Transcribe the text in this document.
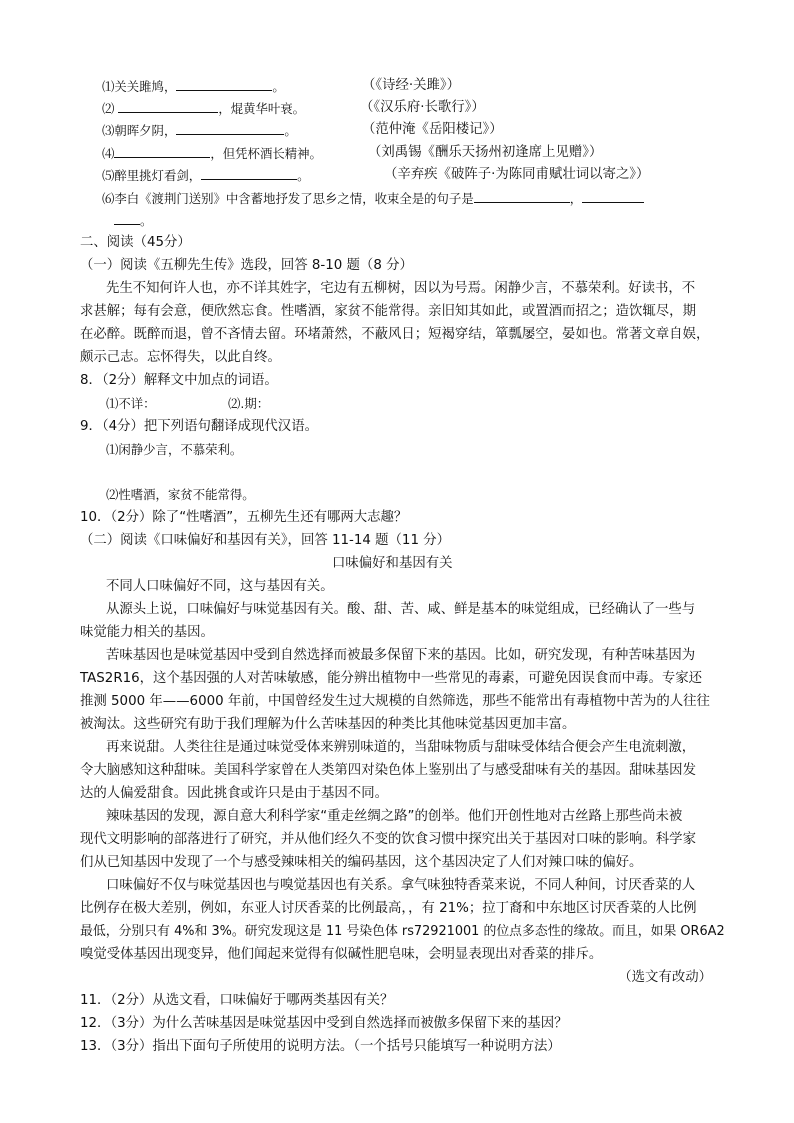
⑴关关雎鸠，	。	（《诗经·关雎》）
⑵	，焜黄华叶衰。	（《汉乐府·长歌行》）
⑶朝晖夕阴，	。	（范仲淹《岳阳楼记》）
⑷	，但凭杯酒长精神。	（刘禹锡《酬乐天扬州初逢席上见赠》）
⑸醉里挑灯看剑，	。	（辛弃疾《破阵子·为陈同甫赋壮词以寄之》）
⑹李白《渡荆门送别》中含蓄地抒发了思乡之情，收束全是的句子是	，
。
二、阅读（45分）
（一）阅读《五柳先生传》选段，回答 8-10 题（8 分）
先生不知何许人也，亦不详其姓字，宅边有五柳树，因以为号焉。闲静少言，不慕荣利。好读书，不
求甚解；每有会意，便欣然忘食。性嗜酒，家贫不能常得。亲旧知其如此，或置酒而招之；造饮辄尽，期
在必醉。既醉而退，曾不吝情去留。环堵萧然，不蔽风日；短褐穿结，箪瓢屡空，晏如也。常著文章自娱，
颇示己志。忘怀得失，以此自终。
8．（2分）解释文中加点的词语。
⑴不详：	⑵.期：
9．（4分）把下列语句翻译成现代汉语。
⑴闲静少言，不慕荣利。
⑵性嗜酒，家贫不能常得。
10．（2分）除了“性嗜酒”，五柳先生还有哪两大志趣？
（二）阅读《口味偏好和基因有关》，回答 11-14 题（11 分）
口味偏好和基因有关
不同人口味偏好不同，这与基因有关。
从源头上说，口味偏好与味觉基因有关。酸、甜、苦、咸、鲜是基本的味觉组成，已经确认了一些与
味觉能力相关的基因。
苦味基因也是味觉基因中受到自然选择而被最多保留下来的基因。比如，研究发现，有种苦味基因为
TAS2R16，这个基因强的人对苦味敏感，能分辨出植物中一些常见的毒素，可避免因误食而中毒。专家还
推测 5000 年——6000 年前，中国曾经发生过大规模的自然筛选，那些不能常出有毒植物中苦为的人往往
被淘汰。这些研究有助于我们理解为什么苦味基因的种类比其他味觉基因更加丰富。
再来说甜。人类往往是通过味觉受体来辨别味道的，当甜味物质与甜味受体结合便会产生电流刺激，
令大脑感知这种甜味。美国科学家曾在人类第四对染色体上鉴别出了与感受甜味有关的基因。甜味基因发
达的人偏爱甜食。因此挑食或许只是由于基因不同。
辣味基因的发现，源自意大利科学家“重走丝绸之路”的创举。他们开创性地对古丝路上那些尚未被
现代文明影响的部落进行了研究，并从他们经久不变的饮食习惯中探究出关于基因对口味的影响。科学家
们从已知基因中发现了一个与感受辣味相关的编码基因，这个基因决定了人们对辣口味的偏好。
口味偏好不仅与味觉基因也与嗅觉基因也有关系。拿气味独特香菜来说，不同人种间，讨厌香菜的人
比例存在极大差别，例如，东亚人讨厌香菜的比例最高，，有 21%；拉丁裔和中东地区讨厌香菜的人比例
最低，分别只有 4%和 3%。研究发现这是 11 号染色体 rs72921001 的位点多态性的缘故。而且，如果 OR6A2
嗅觉受体基因出现变异，他们闻起来觉得有似碱性肥皂味，会明显表现出对香菜的排斥。
（选文有改动）
11．（2分）从选文看，口味偏好于哪两类基因有关？
12．（3分）为什么苦味基因是味觉基因中受到自然选择而被傲多保留下来的基因？
13．（3分）指出下面句子所使用的说明方法。（一个括号只能填写一种说明方法）
